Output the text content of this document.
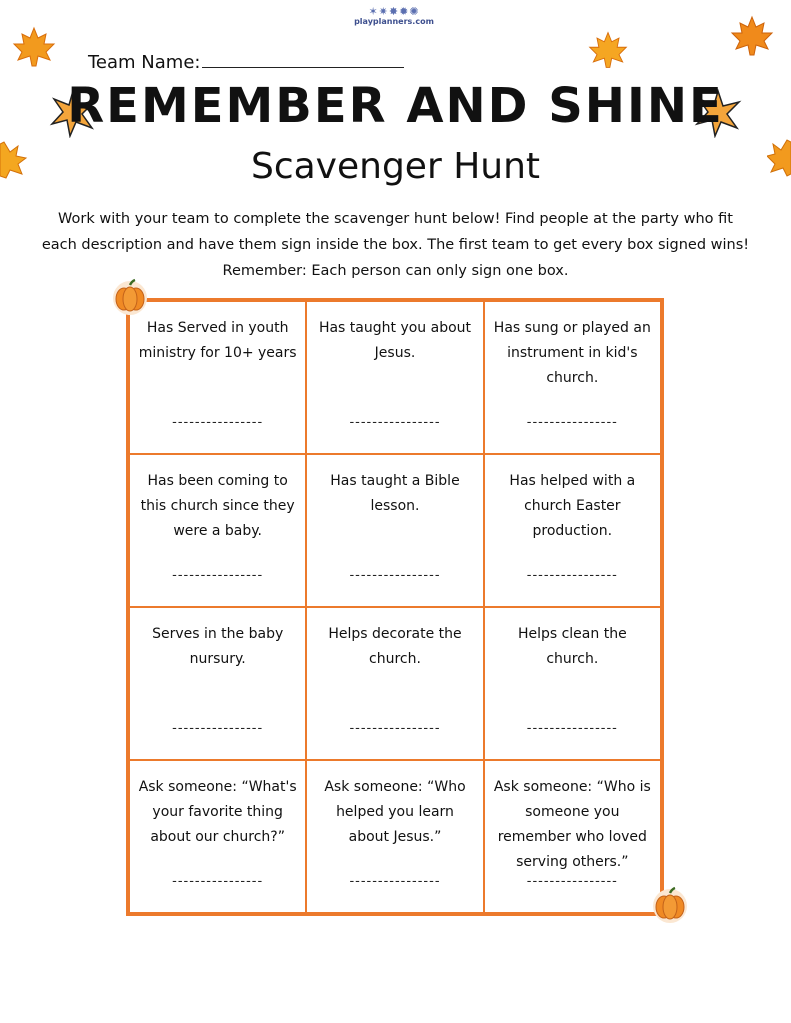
✶✷✸✹✺
playplanners.com
Team Name:
REMEMBER AND SHINE
Scavenger Hunt
Work with your team to complete the scavenger hunt below! Find people at the party who fit
each description and have them sign inside the box. The first team to get every box signed wins!
Remember: Each person can only sign one box.
Has Served in youth ministry for 10+ years
----------------
Has taught you about Jesus.
----------------
Has sung or played an instrument in kid's church.
----------------
Has been coming to this church since they were a baby.
----------------
Has taught a Bible lesson.
----------------
Has helped with a church Easter production.
----------------
Serves in the baby nursury.
----------------
Helps decorate the church.
----------------
Helps clean the church.
----------------
Ask someone: “What's your favorite thing about our church?”
----------------
Ask someone: “Who helped you learn about Jesus.”
----------------
Ask someone: “Who is someone you remember who loved serving others.”
----------------
